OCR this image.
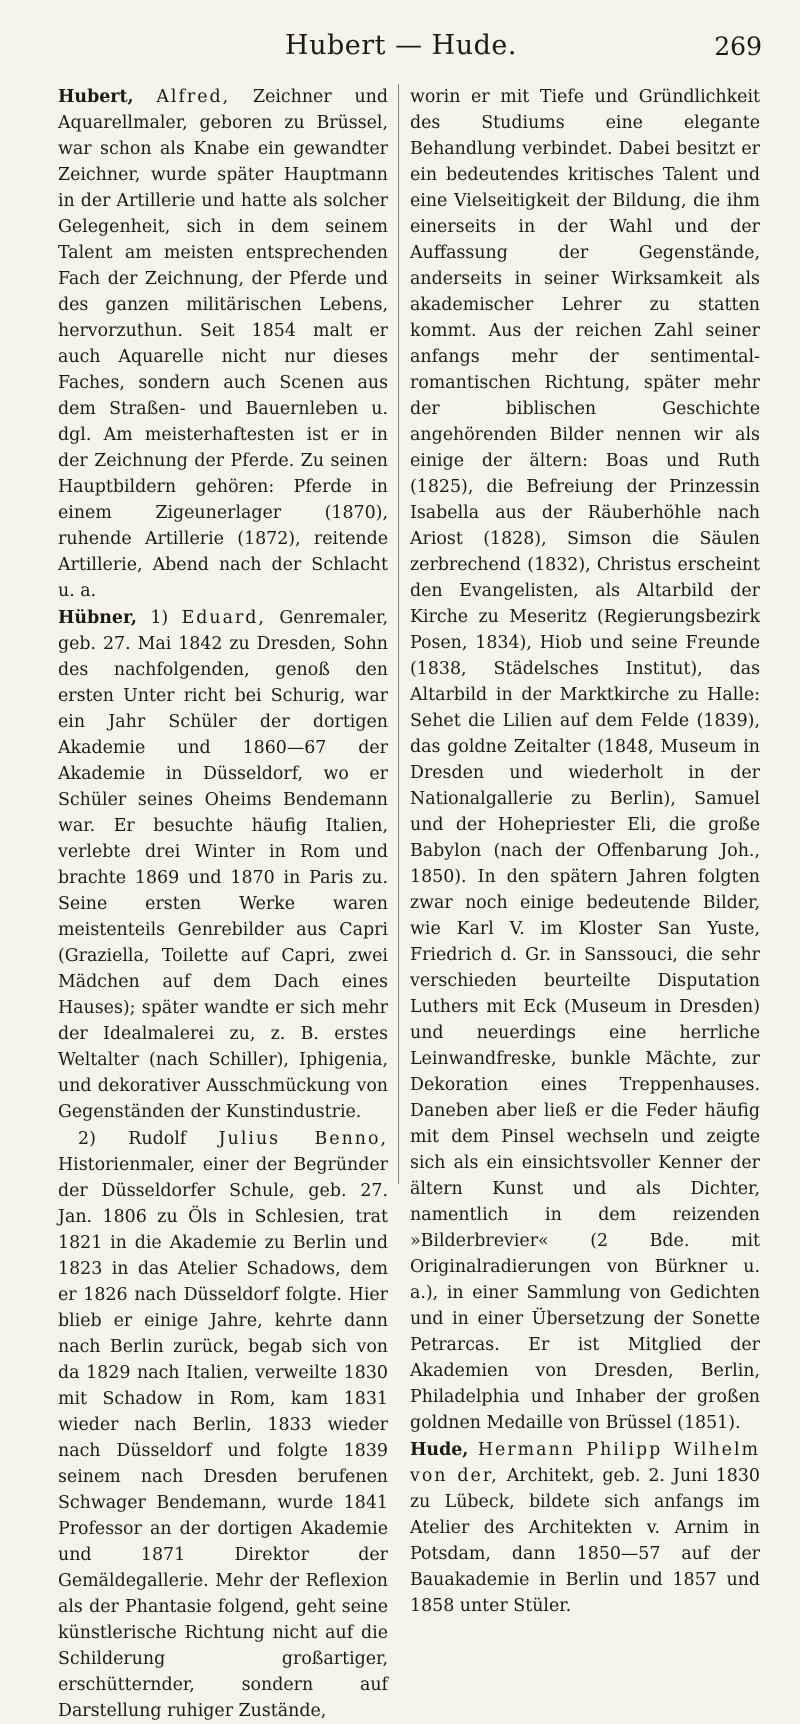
Hubert — Hude.	269

Hubert, Alfred, Zeichner und Aquarellmaler, geboren zu Brüssel, war schon als Knabe ein gewandter Zeichner, wurde später Hauptmann in der Artillerie und hatte als solcher Gelegenheit, sich in dem seinem Talent am meisten entsprechenden Fach der Zeichnung, der Pferde und des ganzen militärischen Lebens, hervorzuthun. Seit 1854 malt er auch Aquarelle nicht nur dieses Faches, sondern auch Scenen aus dem Straßen- und Bauernleben u. dgl. Am meisterhaftesten ist er in der Zeichnung der Pferde. Zu seinen Hauptbildern gehören: Pferde in einem Zigeunerlager (1870), ruhende Artillerie (1872), reitende Artillerie, Abend nach der Schlacht u. a.

Hübner, 1) Eduard, Genremaler, geb. 27. Mai 1842 zu Dresden, Sohn des nachfolgenden, genoß den ersten Unter richt bei Schurig, war ein Jahr Schüler der dortigen Akademie und 1860—67 der Akademie in Düsseldorf, wo er Schüler seines Oheims Bendemann war. Er besuchte häufig Italien, verlebte drei Winter in Rom und brachte 1869 und 1870 in Paris zu. Seine ersten Werke waren meistenteils Genrebilder aus Capri (Graziella, Toilette auf Capri, zwei Mädchen auf dem Dach eines Hauses); später wandte er sich mehr der Idealmalerei zu, z. B. erstes Weltalter (nach Schiller), Iphigenia, und dekorativer Ausschmückung von Gegenständen der Kunstindustrie.

2) Rudolf Julius Benno, Historienmaler, einer der Begründer der Düsseldorfer Schule, geb. 27. Jan. 1806 zu Öls in Schlesien, trat 1821 in die Akademie zu Berlin und 1823 in das Atelier Schadows, dem er 1826 nach Düsseldorf folgte. Hier blieb er einige Jahre, kehrte dann nach Berlin zurück, begab sich von da 1829 nach Italien, verweilte 1830 mit Schadow in Rom, kam 1831 wieder nach Berlin, 1833 wieder nach Düsseldorf und folgte 1839 seinem nach Dresden berufenen Schwager Bendemann, wurde 1841 Professor an der dortigen Akademie und 1871 Direktor der Gemäldegallerie. Mehr der Reflexion als der Phantasie folgend, geht seine künstlerische Richtung nicht auf die Schilderung großartiger, erschütternder, sondern auf Darstellung ruhiger Zustände,

worin er mit Tiefe und Gründlichkeit des Studiums eine elegante Behandlung verbindet. Dabei besitzt er ein bedeutendes kritisches Talent und eine Vielseitigkeit der Bildung, die ihm einerseits in der Wahl und der Auffassung der Gegenstände, anderseits in seiner Wirksamkeit als akademischer Lehrer zu statten kommt. Aus der reichen Zahl seiner anfangs mehr der sentimental-romantischen Richtung, später mehr der biblischen Geschichte angehörenden Bilder nennen wir als einige der ältern: Boas und Ruth (1825), die Befreiung der Prinzessin Isabella aus der Räuberhöhle nach Ariost (1828), Simson die Säulen zerbrechend (1832), Christus erscheint den Evangelisten, als Altarbild der Kirche zu Meseritz (Regierungsbezirk Posen, 1834), Hiob und seine Freunde (1838, Städelsches Institut), das Altarbild in der Marktkirche zu Halle: Sehet die Lilien auf dem Felde (1839), das goldne Zeitalter (1848, Museum in Dresden und wiederholt in der Nationalgallerie zu Berlin), Samuel und der Hohepriester Eli, die große Babylon (nach der Offenbarung Joh., 1850). In den spätern Jahren folgten zwar noch einige bedeutende Bilder, wie Karl V. im Kloster San Yuste, Friedrich d. Gr. in Sanssouci, die sehr verschieden beurteilte Disputation Luthers mit Eck (Museum in Dresden) und neuerdings eine herrliche Leinwandfreske, bunkle Mächte, zur Dekoration eines Treppenhauses. Daneben aber ließ er die Feder häufig mit dem Pinsel wechseln und zeigte sich als ein einsichtsvoller Kenner der ältern Kunst und als Dichter, namentlich in dem reizenden »Bilderbrevier« (2 Bde. mit Originalradierungen von Bürkner u. a.), in einer Sammlung von Gedichten und in einer Übersetzung der Sonette Petrarcas. Er ist Mitglied der Akademien von Dresden, Berlin, Philadelphia und Inhaber der großen goldnen Medaille von Brüssel (1851).

Hude, Hermann Philipp Wilhelm von der, Architekt, geb. 2. Juni 1830 zu Lübeck, bildete sich anfangs im Atelier des Architekten v. Arnim in Potsdam, dann 1850—57 auf der Bauakademie in Berlin und 1857 und 1858 unter Stüler.
